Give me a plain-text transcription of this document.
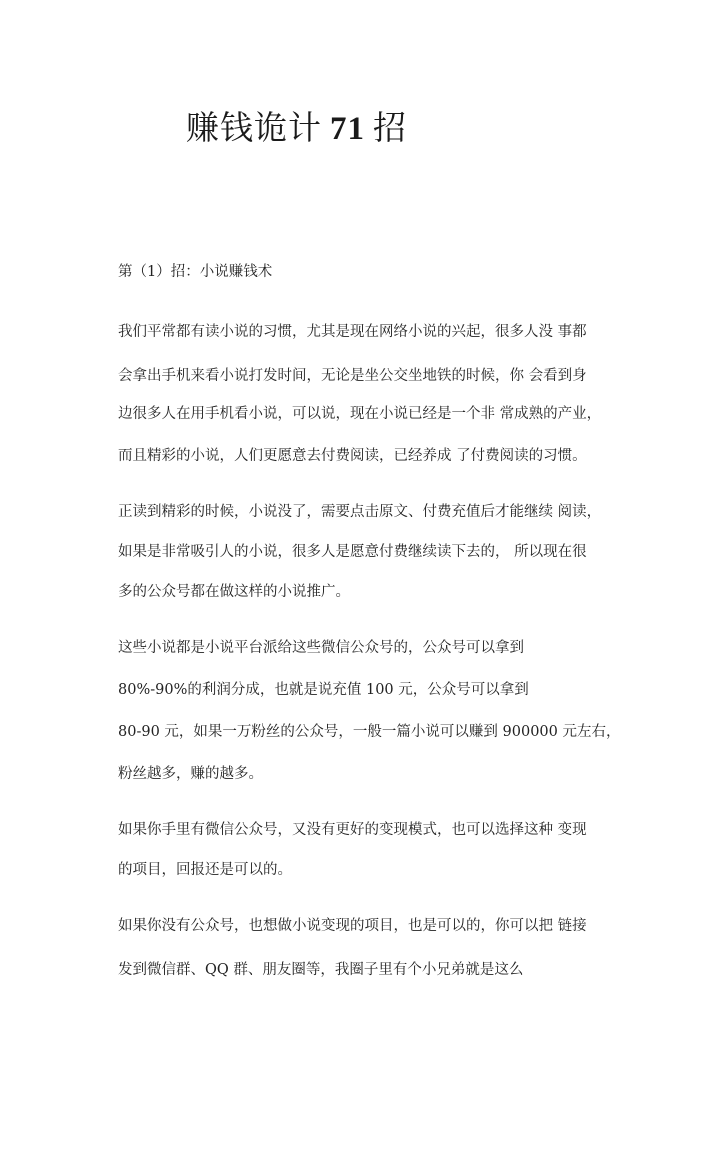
赚钱诡计 71 招
第（1）招：小说赚钱术
我们平常都有读小说的习惯，尤其是现在网络小说的兴起，很多人没 事都
会拿出手机来看小说打发时间，无论是坐公交坐地铁的时候，你 会看到身
边很多人在用手机看小说，可以说，现在小说已经是一个非 常成熟的产业，
而且精彩的小说，人们更愿意去付费阅读，已经养成 了付费阅读的习惯。
正读到精彩的时候，小说没了，需要点击原文、付费充值后才能继续 阅读，
如果是非常吸引人的小说，很多人是愿意付费继续读下去的， 所以现在很
多的公众号都在做这样的小说推广。
这些小说都是小说平台派给这些微信公众号的，公众号可以拿到
80%-90%的利润分成，也就是说充值 100 元，公众号可以拿到
80-90 元，如果一万粉丝的公众号，一般一篇小说可以赚到 900000 元左右，
粉丝越多，赚的越多。
如果你手里有微信公众号，又没有更好的变现模式，也可以选择这种 变现
的项目，回报还是可以的。
如果你没有公众号，也想做小说变现的项目，也是可以的，你可以把 链接
发到微信群、QQ 群、朋友圈等，我圈子里有个小兄弟就是这么
